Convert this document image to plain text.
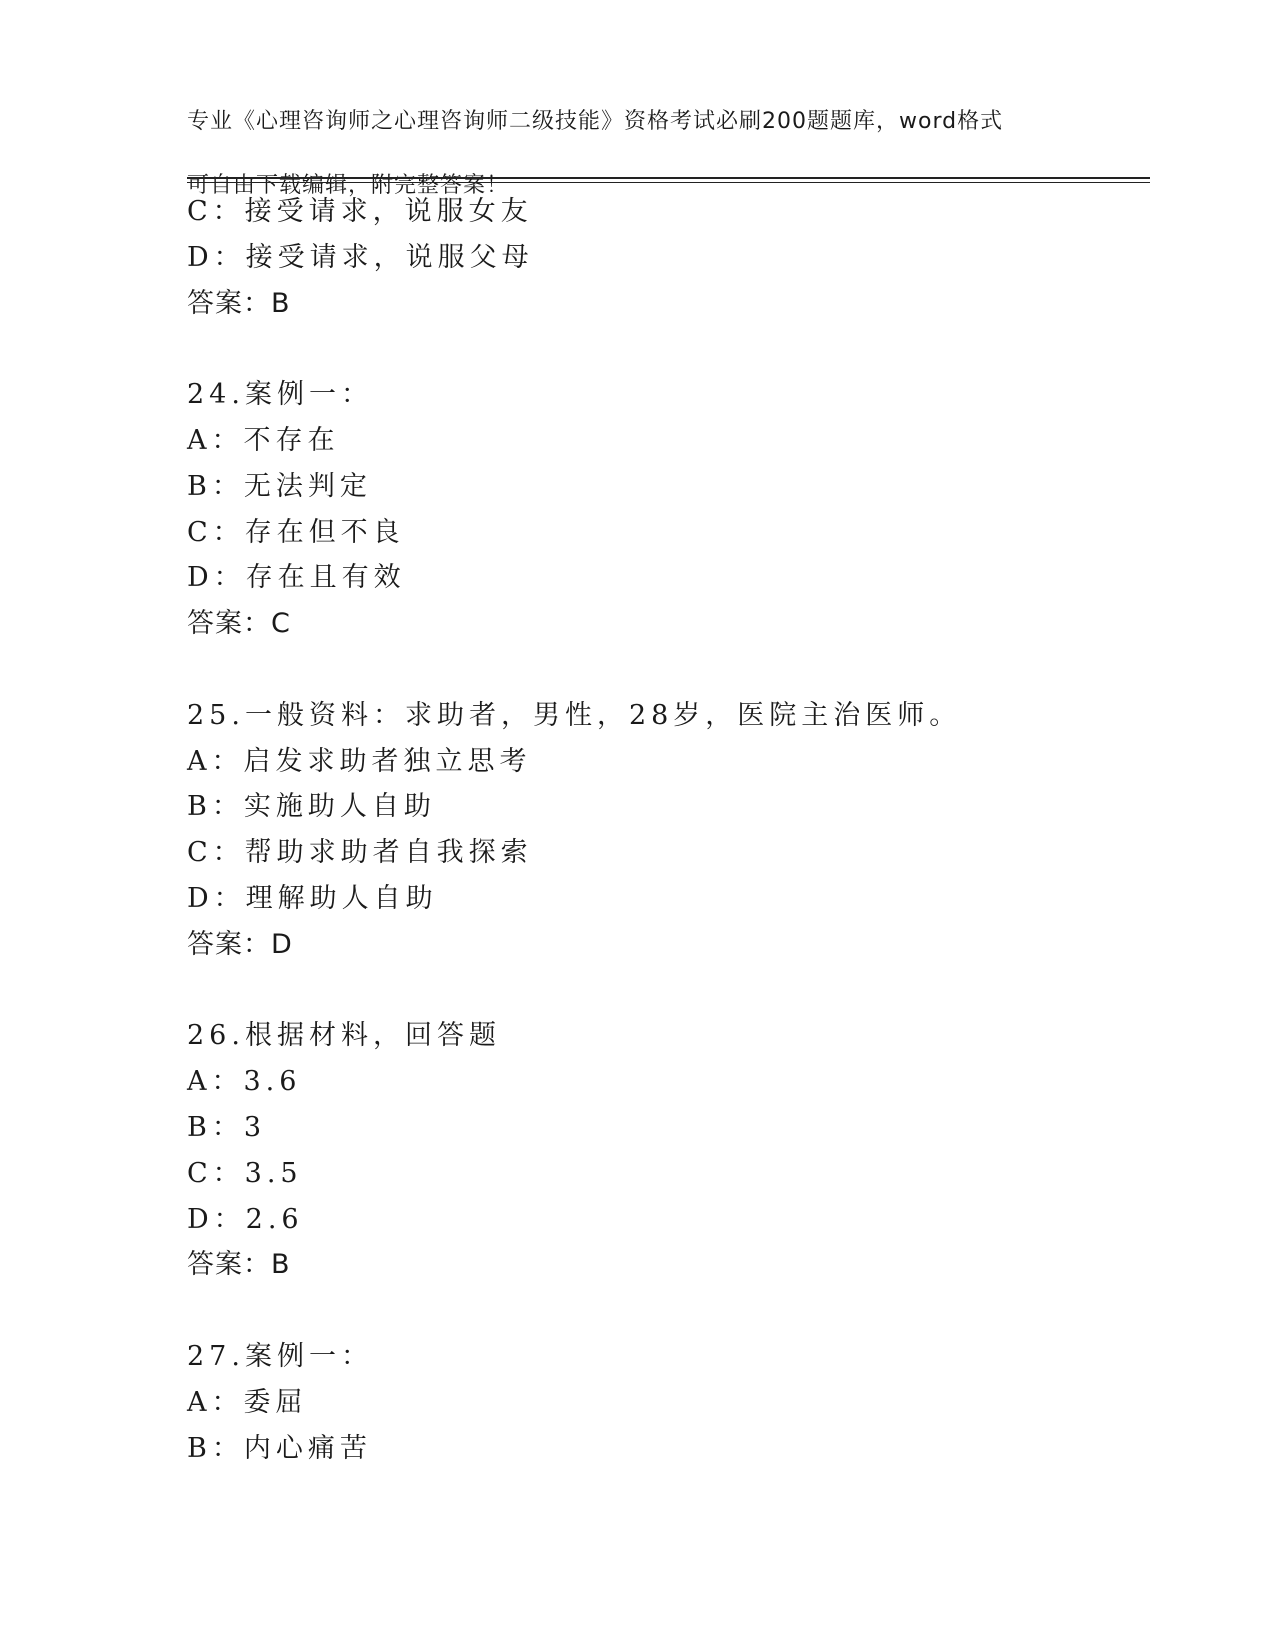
专业《心理咨询师之心理咨询师二级技能》资格考试必刷200题题库，word格式

可自由下载编辑，附完整答案！

C：接受请求，说服女友
D：接受请求，说服父母
答案：B
24.案例一：
A：不存在
B：无法判定
C：存在但不良
D：存在且有效
答案：C
25.一般资料：求助者，男性，28岁，医院主治医师。
A：启发求助者独立思考
B：实施助人自助
C：帮助求助者自我探索
D：理解助人自助
答案：D
26.根据材料，回答题
A：3.6
B：3
C：3.5
D：2.6
答案：B
27.案例一：
A：委屈
B：内心痛苦
